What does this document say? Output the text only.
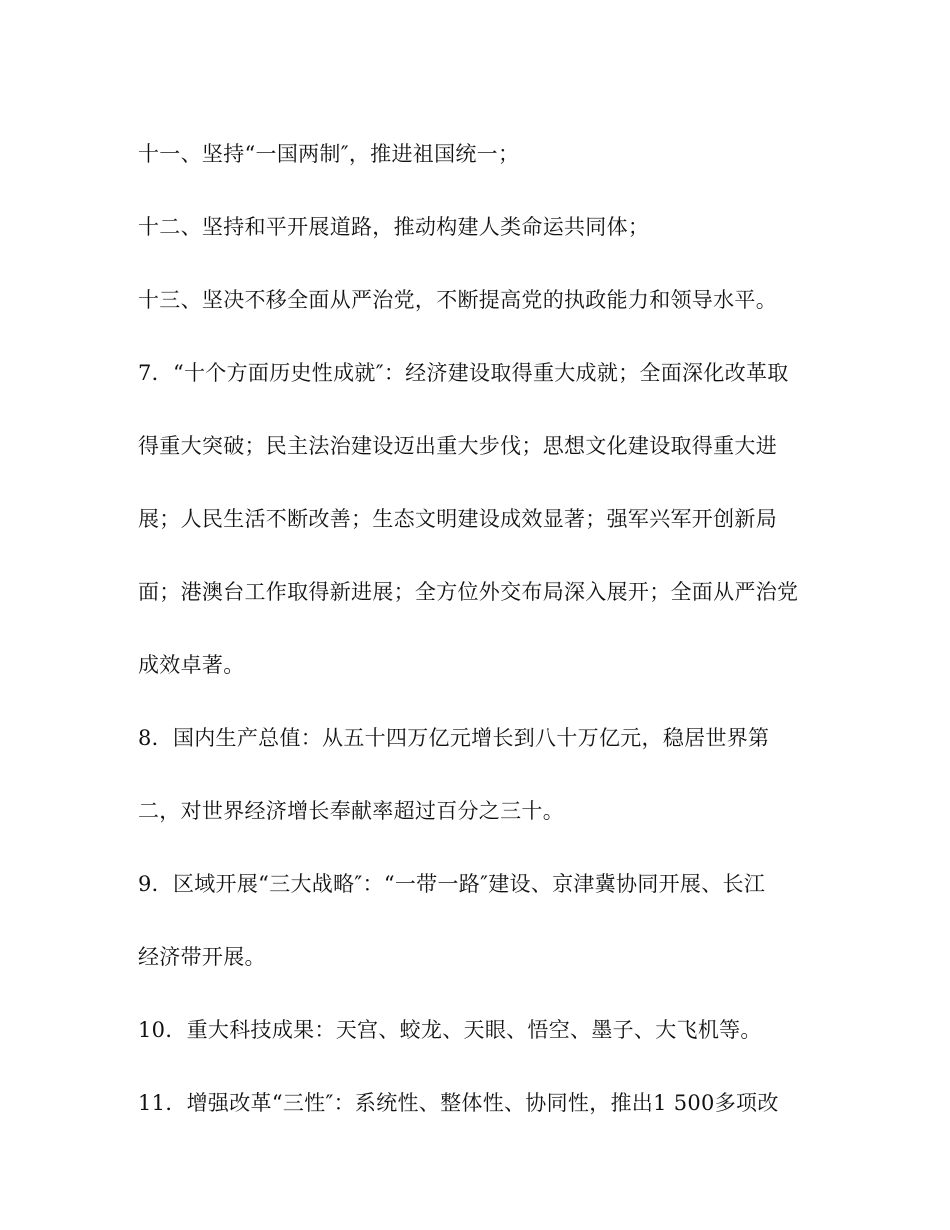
十一、坚持“一国两制″，推进祖国统一；
十二、坚持和平开展道路，推动构建人类命运共同体；
十三、坚决不移全面从严治党，不断提高党的执政能力和领导水平。
7．“十个方面历史性成就″：经济建设取得重大成就；全面深化改革取
得重大突破；民主法治建设迈出重大步伐；思想文化建设取得重大进
展；人民生活不断改善；生态文明建设成效显著；强军兴军开创新局
面；港澳台工作取得新进展；全方位外交布局深入展开；全面从严治党
成效卓著。
8．国内生产总值：从五十四万亿元增长到八十万亿元，稳居世界第
二，对世界经济增长奉献率超过百分之三十。
9．区域开展“三大战略″：“一带一路″建设、京津冀协同开展、长江
经济带开展。
10．重大科技成果：天宫、蛟龙、天眼、悟空、墨子、大飞机等。
11．增强改革“三性″：系统性、整体性、协同性，推出1 500多项改
